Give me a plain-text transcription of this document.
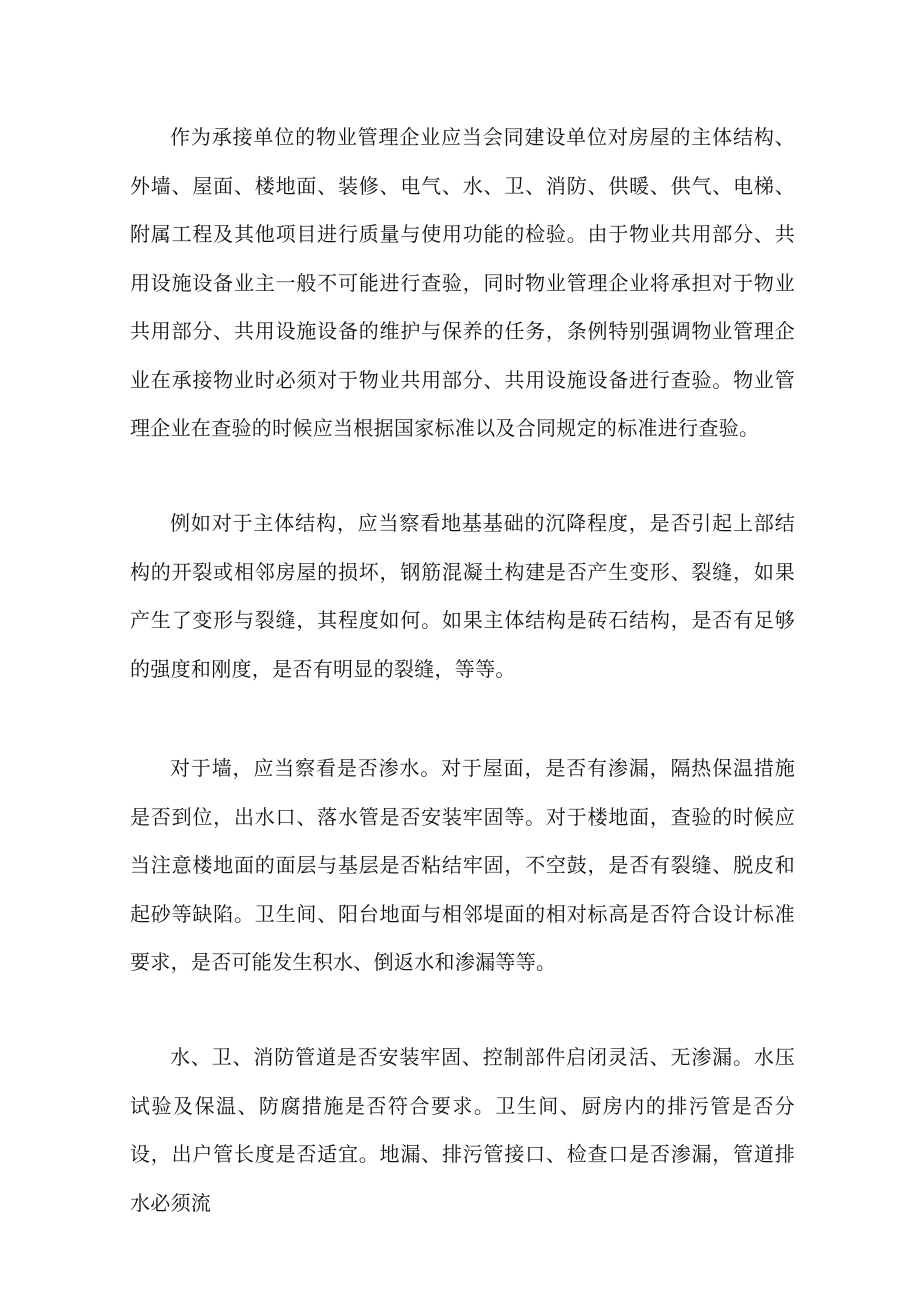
作为承接单位的物业管理企业应当会同建设单位对房屋的主体结构、外墙、屋面、楼地面、装修、电气、水、卫、消防、供暖、供气、电梯、附属工程及其他项目进行质量与使用功能的检验。由于物业共用部分、共用设施设备业主一般不可能进行查验，同时物业管理企业将承担对于物业共用部分、共用设施设备的维护与保养的任务，条例特别强调物业管理企业在承接物业时必须对于物业共用部分、共用设施设备进行查验。物业管理企业在查验的时候应当根据国家标准以及合同规定的标准进行查验。

例如对于主体结构，应当察看地基基础的沉降程度，是否引起上部结构的开裂或相邻房屋的损坏，钢筋混凝土构建是否产生变形、裂缝，如果产生了变形与裂缝，其程度如何。如果主体结构是砖石结构，是否有足够的强度和刚度，是否有明显的裂缝，等等。

对于墙，应当察看是否渗水。对于屋面，是否有渗漏，隔热保温措施是否到位，出水口、落水管是否安装牢固等。对于楼地面，查验的时候应当注意楼地面的面层与基层是否粘结牢固，不空鼓，是否有裂缝、脱皮和起砂等缺陷。卫生间、阳台地面与相邻堤面的相对标高是否符合设计标准要求，是否可能发生积水、倒返水和渗漏等等。

水、卫、消防管道是否安装牢固、控制部件启闭灵活、无渗漏。水压试验及保温、防腐措施是否符合要求。卫生间、厨房内的排污管是否分设，出户管长度是否适宜。地漏、排污管接口、检查口是否渗漏，管道排水必须流
